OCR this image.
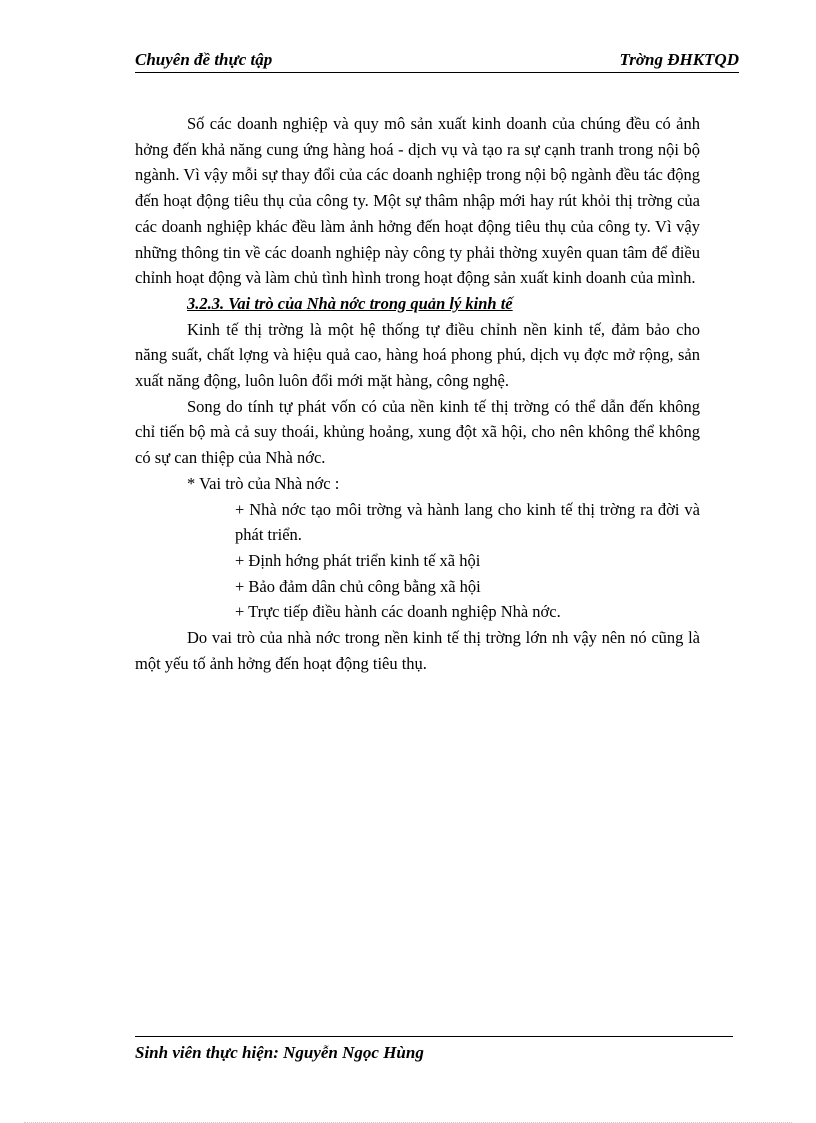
Chuyên đề thực tập	Trờng ĐHKTQD

Số các doanh nghiệp và quy mô sản xuất kinh doanh của chúng đều có ảnh hởng đến khả năng cung ứng hàng hoá - dịch vụ và tạo ra sự cạnh tranh trong nội bộ ngành. Vì vậy mỗi sự thay đổi của các doanh nghiệp trong nội bộ ngành đều tác động đến hoạt động tiêu thụ của công ty. Một sự thâm nhập mới hay rút khỏi thị trờng của các doanh nghiệp khác đều làm ảnh hởng đến hoạt động tiêu thụ của công ty. Vì vậy những thông tin về các doanh nghiệp này công ty phải thờng xuyên quan tâm để điều chỉnh hoạt động và làm chủ tình hình trong hoạt động sản xuất kinh doanh của mình.

3.2.3. Vai trò của Nhà nớc trong quản lý kinh tế

Kinh tế thị trờng là một hệ thống tự điều chỉnh nền kinh tế, đảm bảo cho năng suất, chất lợng và hiệu quả cao, hàng hoá phong phú, dịch vụ đợc mở rộng, sản xuất năng động, luôn luôn đổi mới mặt hàng, công nghệ.

Song do tính tự phát vốn có của nền kinh tế thị trờng có thể dẫn đến không chỉ tiến bộ mà cả suy thoái, khủng hoảng, xung đột xã hội, cho nên không thể không có sự can thiệp của Nhà nớc.

* Vai trò của Nhà nớc :

+ Nhà nớc tạo môi trờng và hành lang cho kinh tế thị trờng ra đời và phát triển.

+ Định hớng phát triển kinh tế xã hội

+ Bảo đảm dân chủ công bằng xã hội

+ Trực tiếp điều hành các doanh nghiệp Nhà nớc.

Do vai trò của nhà nớc trong nền kinh tế thị trờng lớn nh vậy nên nó cũng là một yếu tố ảnh hởng đến hoạt động tiêu thụ.

Sinh viên thực hiện: Nguyễn Ngọc Hùng
